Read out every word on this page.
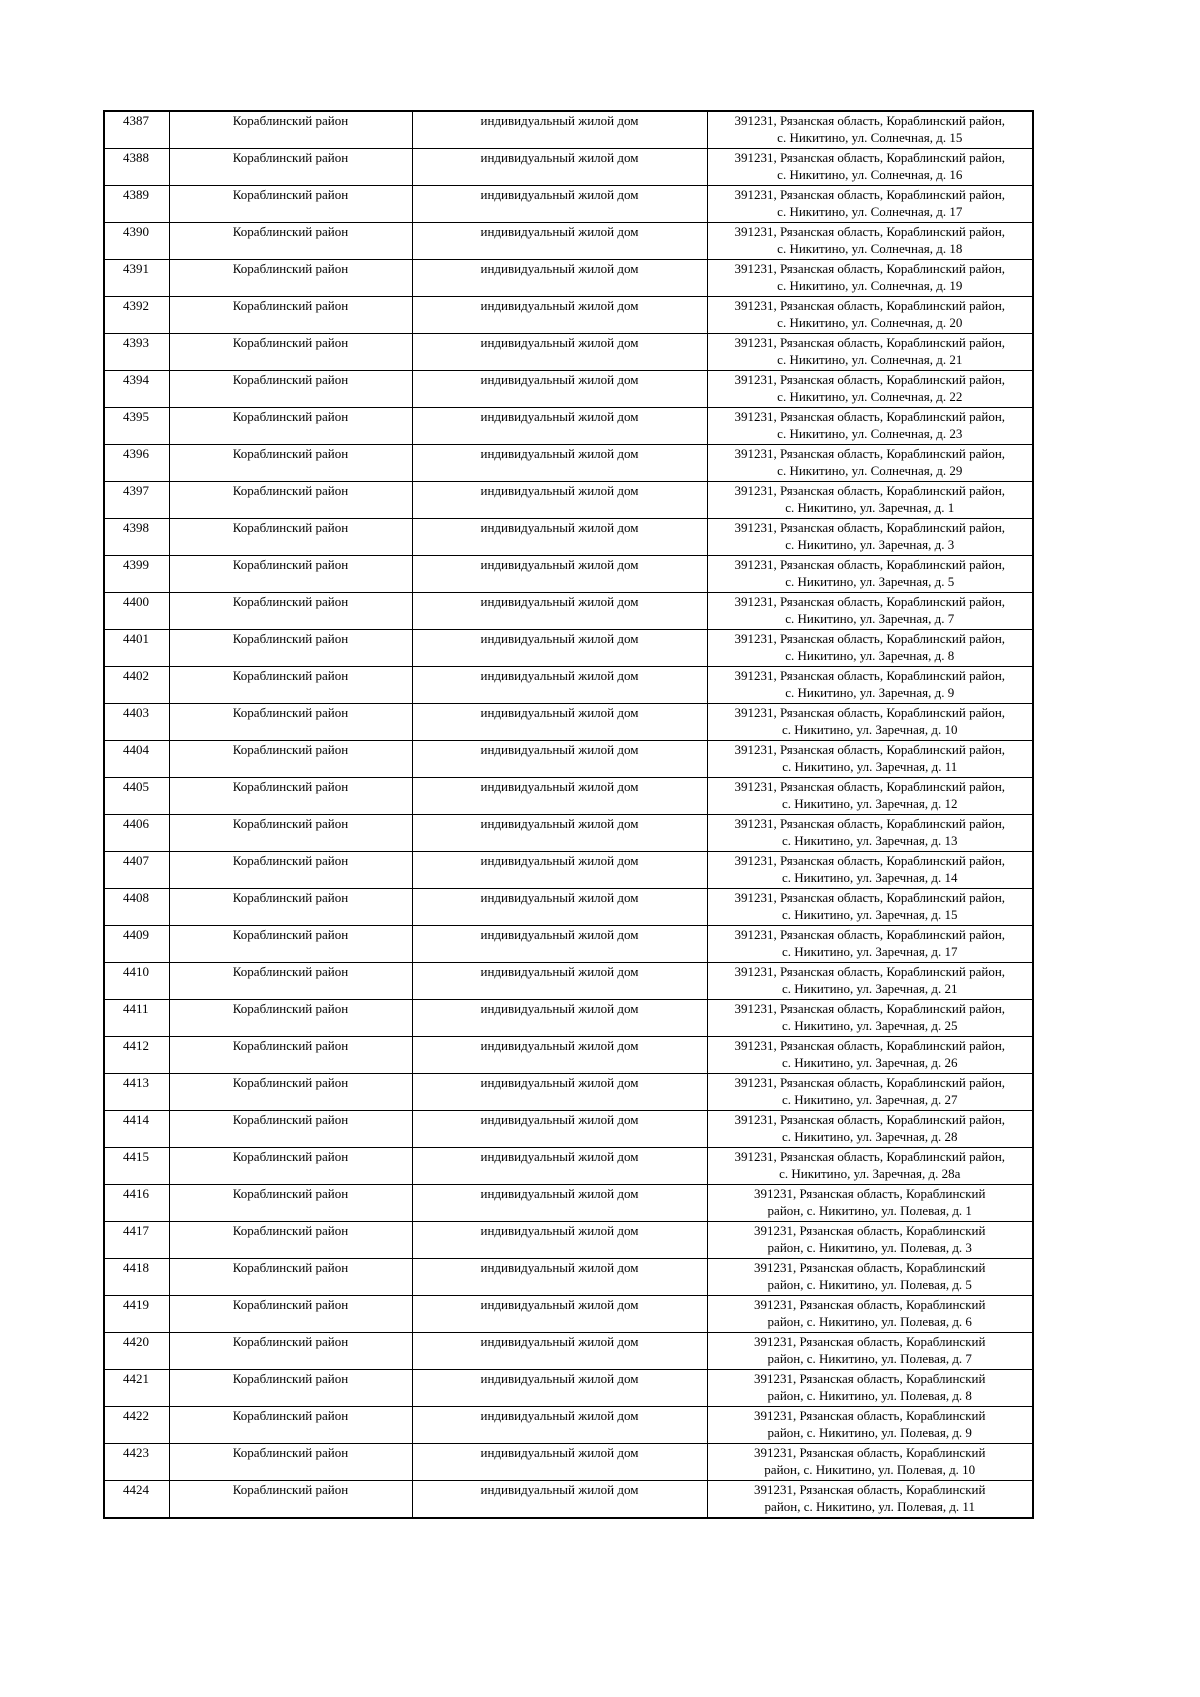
4387	Кораблинский район	индивидуальный жилой дом	391231, Рязанская область, Кораблинский район,
с. Никитино, ул. Солнечная, д. 15

4388	Кораблинский район	индивидуальный жилой дом	391231, Рязанская область, Кораблинский район,
с. Никитино, ул. Солнечная, д. 16

4389	Кораблинский район	индивидуальный жилой дом	391231, Рязанская область, Кораблинский район,
с. Никитино, ул. Солнечная, д. 17

4390	Кораблинский район	индивидуальный жилой дом	391231, Рязанская область, Кораблинский район,
с. Никитино, ул. Солнечная, д. 18

4391	Кораблинский район	индивидуальный жилой дом	391231, Рязанская область, Кораблинский район,
с. Никитино, ул. Солнечная, д. 19

4392	Кораблинский район	индивидуальный жилой дом	391231, Рязанская область, Кораблинский район,
с. Никитино, ул. Солнечная, д. 20

4393	Кораблинский район	индивидуальный жилой дом	391231, Рязанская область, Кораблинский район,
с. Никитино, ул. Солнечная, д. 21

4394	Кораблинский район	индивидуальный жилой дом	391231, Рязанская область, Кораблинский район,
с. Никитино, ул. Солнечная, д. 22

4395	Кораблинский район	индивидуальный жилой дом	391231, Рязанская область, Кораблинский район,
с. Никитино, ул. Солнечная, д. 23

4396	Кораблинский район	индивидуальный жилой дом	391231, Рязанская область, Кораблинский район,
с. Никитино, ул. Солнечная, д. 29

4397	Кораблинский район	индивидуальный жилой дом	391231, Рязанская область, Кораблинский район,
с. Никитино, ул. Заречная, д. 1

4398	Кораблинский район	индивидуальный жилой дом	391231, Рязанская область, Кораблинский район,
с. Никитино, ул. Заречная, д. 3

4399	Кораблинский район	индивидуальный жилой дом	391231, Рязанская область, Кораблинский район,
с. Никитино, ул. Заречная, д. 5

4400	Кораблинский район	индивидуальный жилой дом	391231, Рязанская область, Кораблинский район,
с. Никитино, ул. Заречная, д. 7

4401	Кораблинский район	индивидуальный жилой дом	391231, Рязанская область, Кораблинский район,
с. Никитино, ул. Заречная, д. 8

4402	Кораблинский район	индивидуальный жилой дом	391231, Рязанская область, Кораблинский район,
с. Никитино, ул. Заречная, д. 9

4403	Кораблинский район	индивидуальный жилой дом	391231, Рязанская область, Кораблинский район,
с. Никитино, ул. Заречная, д. 10

4404	Кораблинский район	индивидуальный жилой дом	391231, Рязанская область, Кораблинский район,
с. Никитино, ул. Заречная, д. 11

4405	Кораблинский район	индивидуальный жилой дом	391231, Рязанская область, Кораблинский район,
с. Никитино, ул. Заречная, д. 12

4406	Кораблинский район	индивидуальный жилой дом	391231, Рязанская область, Кораблинский район,
с. Никитино, ул. Заречная, д. 13

4407	Кораблинский район	индивидуальный жилой дом	391231, Рязанская область, Кораблинский район,
с. Никитино, ул. Заречная, д. 14

4408	Кораблинский район	индивидуальный жилой дом	391231, Рязанская область, Кораблинский район,
с. Никитино, ул. Заречная, д. 15

4409	Кораблинский район	индивидуальный жилой дом	391231, Рязанская область, Кораблинский район,
с. Никитино, ул. Заречная, д. 17

4410	Кораблинский район	индивидуальный жилой дом	391231, Рязанская область, Кораблинский район,
с. Никитино, ул. Заречная, д. 21

4411	Кораблинский район	индивидуальный жилой дом	391231, Рязанская область, Кораблинский район,
с. Никитино, ул. Заречная, д. 25

4412	Кораблинский район	индивидуальный жилой дом	391231, Рязанская область, Кораблинский район,
с. Никитино, ул. Заречная, д. 26

4413	Кораблинский район	индивидуальный жилой дом	391231, Рязанская область, Кораблинский район,
с. Никитино, ул. Заречная, д. 27

4414	Кораблинский район	индивидуальный жилой дом	391231, Рязанская область, Кораблинский район,
с. Никитино, ул. Заречная, д. 28

4415	Кораблинский район	индивидуальный жилой дом	391231, Рязанская область, Кораблинский район,
с. Никитино, ул. Заречная, д. 28а

4416	Кораблинский район	индивидуальный жилой дом	391231, Рязанская область, Кораблинский
район, с. Никитино, ул. Полевая, д. 1

4417	Кораблинский район	индивидуальный жилой дом	391231, Рязанская область, Кораблинский
район, с. Никитино, ул. Полевая, д. 3

4418	Кораблинский район	индивидуальный жилой дом	391231, Рязанская область, Кораблинский
район, с. Никитино, ул. Полевая, д. 5

4419	Кораблинский район	индивидуальный жилой дом	391231, Рязанская область, Кораблинский
район, с. Никитино, ул. Полевая, д. 6

4420	Кораблинский район	индивидуальный жилой дом	391231, Рязанская область, Кораблинский
район, с. Никитино, ул. Полевая, д. 7

4421	Кораблинский район	индивидуальный жилой дом	391231, Рязанская область, Кораблинский
район, с. Никитино, ул. Полевая, д. 8

4422	Кораблинский район	индивидуальный жилой дом	391231, Рязанская область, Кораблинский
район, с. Никитино, ул. Полевая, д. 9

4423	Кораблинский район	индивидуальный жилой дом	391231, Рязанская область, Кораблинский
район, с. Никитино, ул. Полевая, д. 10

4424	Кораблинский район	индивидуальный жилой дом	391231, Рязанская область, Кораблинский
район, с. Никитино, ул. Полевая, д. 11
